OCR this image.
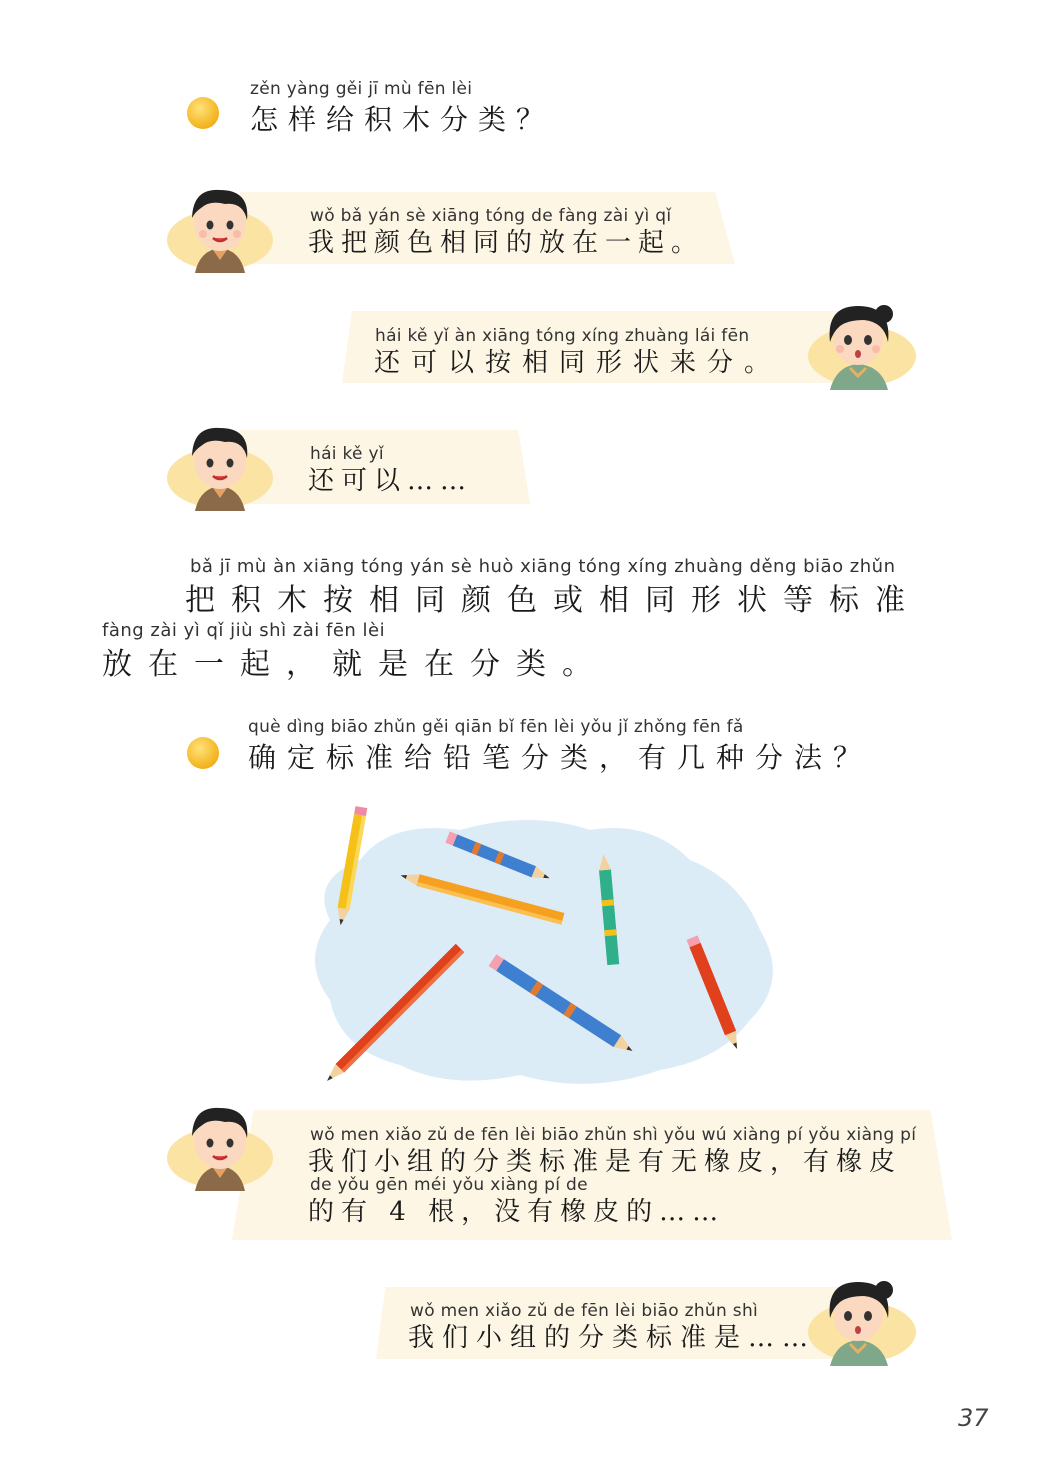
zěn yàng gěi jī mù fēn lèi
怎样给积木分类？
wǒ bǎ yán sè xiāng tóng de fàng zài yì qǐ
我把颜色相同的放在一起。
hái kě yǐ àn xiāng tóng xíng zhuàng lái fēn
还可以按相同形状来分。
hái kě yǐ
还可以……
bǎ jī mù àn xiāng tóng yán sè huò xiāng tóng xíng zhuàng děng biāo zhǔn
把积木按相同颜色或相同形状等标准
fàng zài yì qǐ jiù shì zài fēn lèi
放在一起，就是在分类。
què dìng biāo zhǔn gěi qiān bǐ fēn lèi yǒu jǐ zhǒng fēn fǎ
确定标准给铅笔分类，有几种分法？
wǒ men xiǎo zǔ de fēn lèi biāo zhǔn shì yǒu wú xiàng pí yǒu xiàng pí
我们小组的分类标准是有无橡皮，有橡皮
de yǒu gēn méi yǒu xiàng pí de
的有 4 根，没有橡皮的……
wǒ men xiǎo zǔ de fēn lèi biāo zhǔn shì
我们小组的分类标准是……
37
